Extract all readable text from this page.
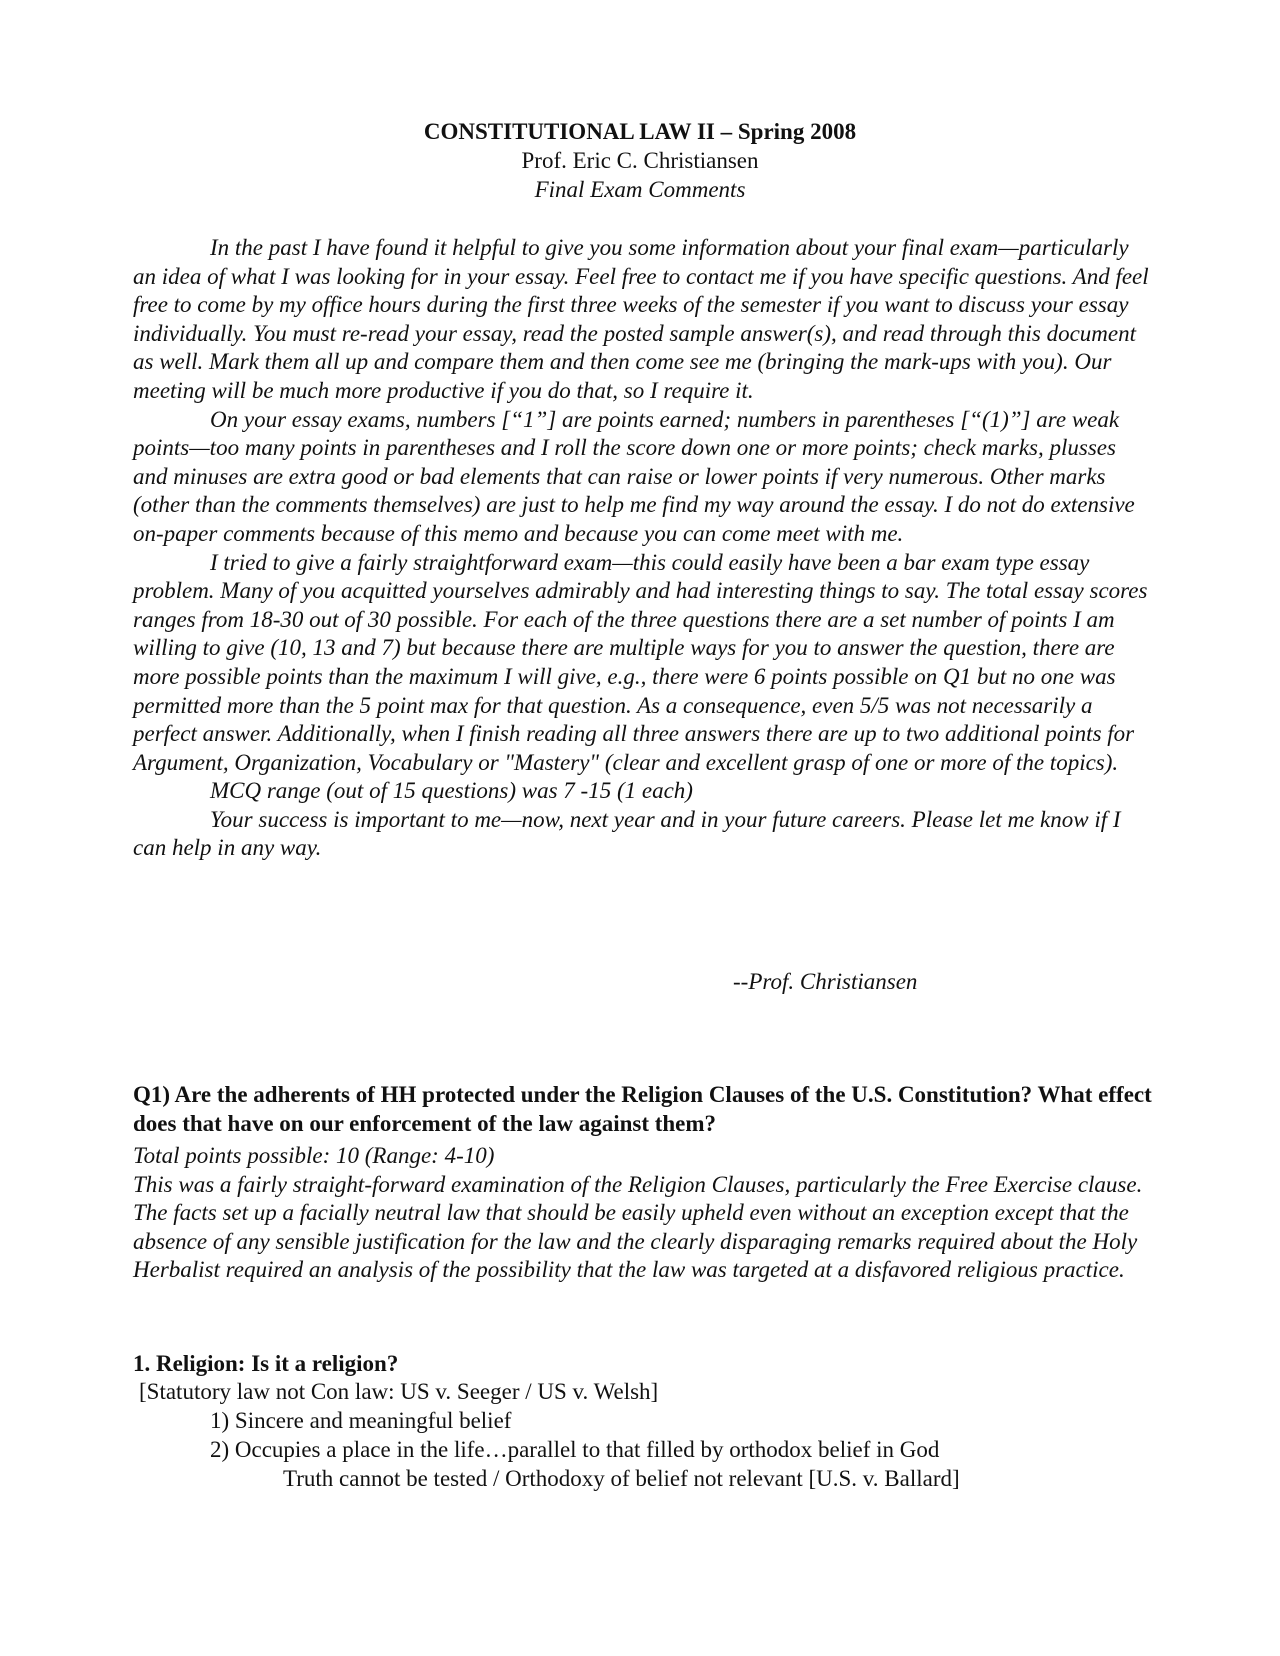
CONSTITUTIONAL LAW II – Spring 2008
Prof. Eric C. Christiansen
Final Exam Comments

In the past I have found it helpful to give you some information about your final exam—particularly an idea of what I was looking for in your essay. Feel free to contact me if you have specific questions. And feel free to come by my office hours during the first three weeks of the semester if you want to discuss your essay individually. You must re-read your essay, read the posted sample answer(s), and read through this document as well. Mark them all up and compare them and then come see me (bringing the mark-ups with you). Our meeting will be much more productive if you do that, so I require it.

On your essay exams, numbers [“1”] are points earned; numbers in parentheses [“(1)”] are weak points—too many points in parentheses and I roll the score down one or more points; check marks, plusses and minuses are extra good or bad elements that can raise or lower points if very numerous. Other marks (other than the comments themselves) are just to help me find my way around the essay. I do not do extensive on-paper comments because of this memo and because you can come meet with me.

I tried to give a fairly straightforward exam—this could easily have been a bar exam type essay problem. Many of you acquitted yourselves admirably and had interesting things to say. The total essay scores ranges from 18-30 out of 30 possible. For each of the three questions there are a set number of points I am willing to give (10, 13 and 7) but because there are multiple ways for you to answer the question, there are more possible points than the maximum I will give, e.g., there were 6 points possible on Q1 but no one was permitted more than the 5 point max for that question. As a consequence, even 5/5 was not necessarily a perfect answer. Additionally, when I finish reading all three answers there are up to two additional points for Argument, Organization, Vocabulary or "Mastery" (clear and excellent grasp of one or more of the topics).

MCQ range (out of 15 questions) was 7 -15 (1 each)

Your success is important to me—now, next year and in your future careers. Please let me know if I can help in any way.

--Prof. Christiansen
Q1) Are the adherents of HH protected under the Religion Clauses of the U.S. Constitution? What effect does that have on our enforcement of the law against them?

Total points possible: 10 (Range: 4-10)

This was a fairly straight-forward examination of the Religion Clauses, particularly the Free Exercise clause. The facts set up a facially neutral law that should be easily upheld even without an exception except that the absence of any sensible justification for the law and the clearly disparaging remarks required about the Holy Herbalist required an analysis of the possibility that the law was targeted at a disfavored religious practice.

1. Religion: Is it a religion?
[Statutory law not Con law: US v. Seeger / US v. Welsh]
1) Sincere and meaningful belief
2) Occupies a place in the life…parallel to that filled by orthodox belief in God
Truth cannot be tested / Orthodoxy of belief not relevant [U.S. v. Ballard]
